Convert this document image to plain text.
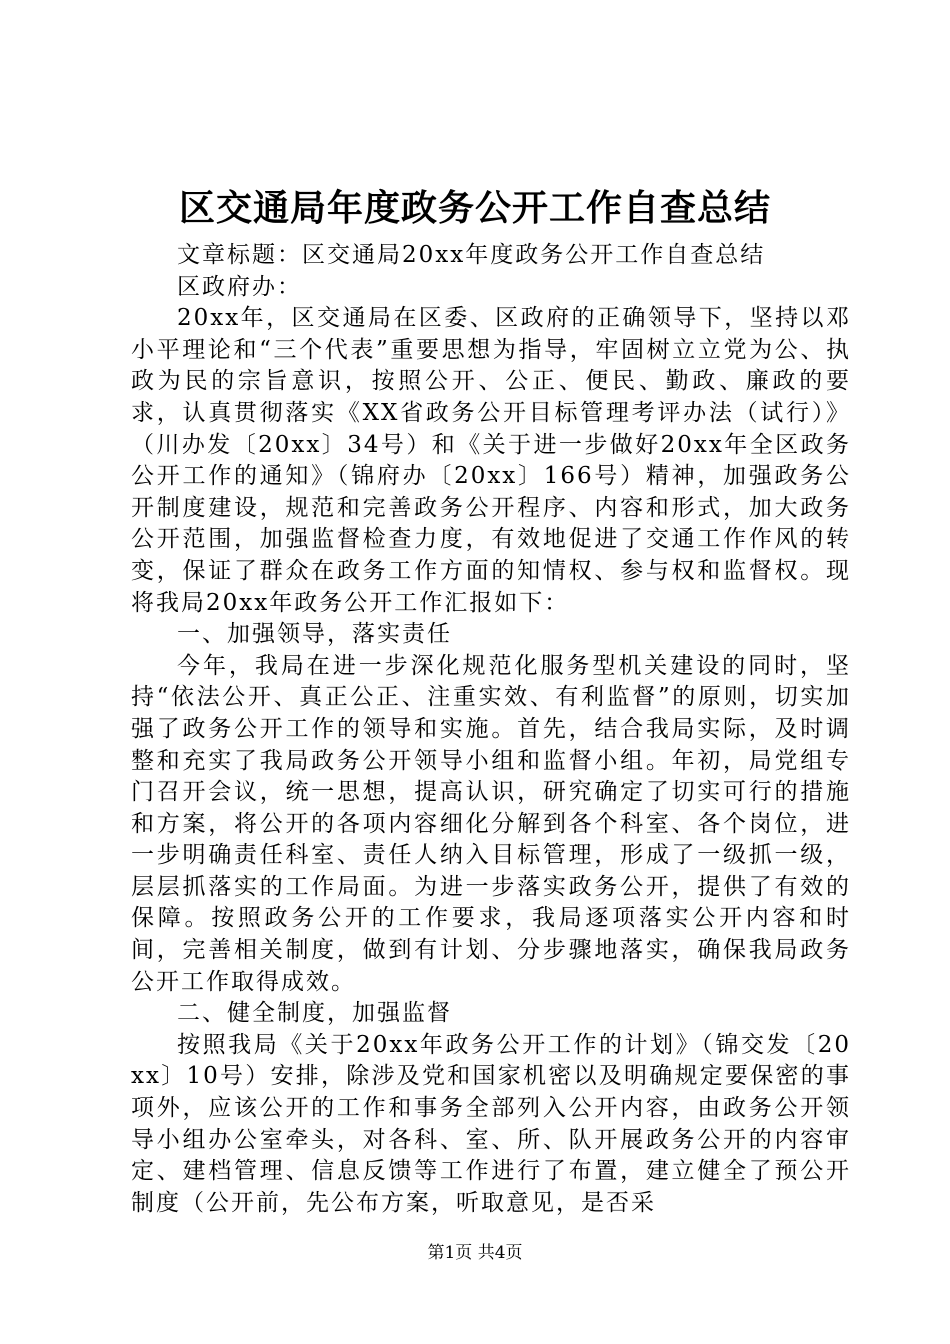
区交通局年度政务公开工作自查总结

文章标题：区交通局20xx年度政务公开工作自查总结

区政府办：

20xx年，区交通局在区委、区政府的正确领导下，坚持以邓小平理论和“三个代表”重要思想为指导，牢固树立立党为公、执政为民的宗旨意识，按照公开、公正、便民、勤政、廉政的要求，认真贯彻落实《XX省政务公开目标管理考评办法（试行）》（川办发〔20xx〕34号）和《关于进一步做好20xx年全区政务公开工作的通知》（锦府办〔20xx〕166号）精神，加强政务公开制度建设，规范和完善政务公开程序、内容和形式，加大政务公开范围，加强监督检查力度，有效地促进了交通工作作风的转变，保证了群众在政务工作方面的知情权、参与权和监督权。现将我局20xx年政务公开工作汇报如下：

一、加强领导，落实责任

今年，我局在进一步深化规范化服务型机关建设的同时，坚持“依法公开、真正公正、注重实效、有利监督”的原则，切实加强了政务公开工作的领导和实施。首先，结合我局实际，及时调整和充实了我局政务公开领导小组和监督小组。年初，局党组专门召开会议，统一思想，提高认识，研究确定了切实可行的措施和方案，将公开的各项内容细化分解到各个科室、各个岗位，进一步明确责任科室、责任人纳入目标管理，形成了一级抓一级，层层抓落实的工作局面。为进一步落实政务公开，提供了有效的保障。按照政务公开的工作要求，我局逐项落实公开内容和时间，完善相关制度，做到有计划、分步骤地落实，确保我局政务公开工作取得成效。

二、健全制度，加强监督

按照我局《关于20xx年政务公开工作的计划》（锦交发〔20xx〕10号）安排，除涉及党和国家机密以及明确规定要保密的事项外，应该公开的工作和事务全部列入公开内容，由政务公开领导小组办公室牵头，对各科、室、所、队开展政务公开的内容审定、建档管理、信息反馈等工作进行了布置，建立健全了预公开制度（公开前，先公布方案，听取意见，是否采

第1页 共4页
